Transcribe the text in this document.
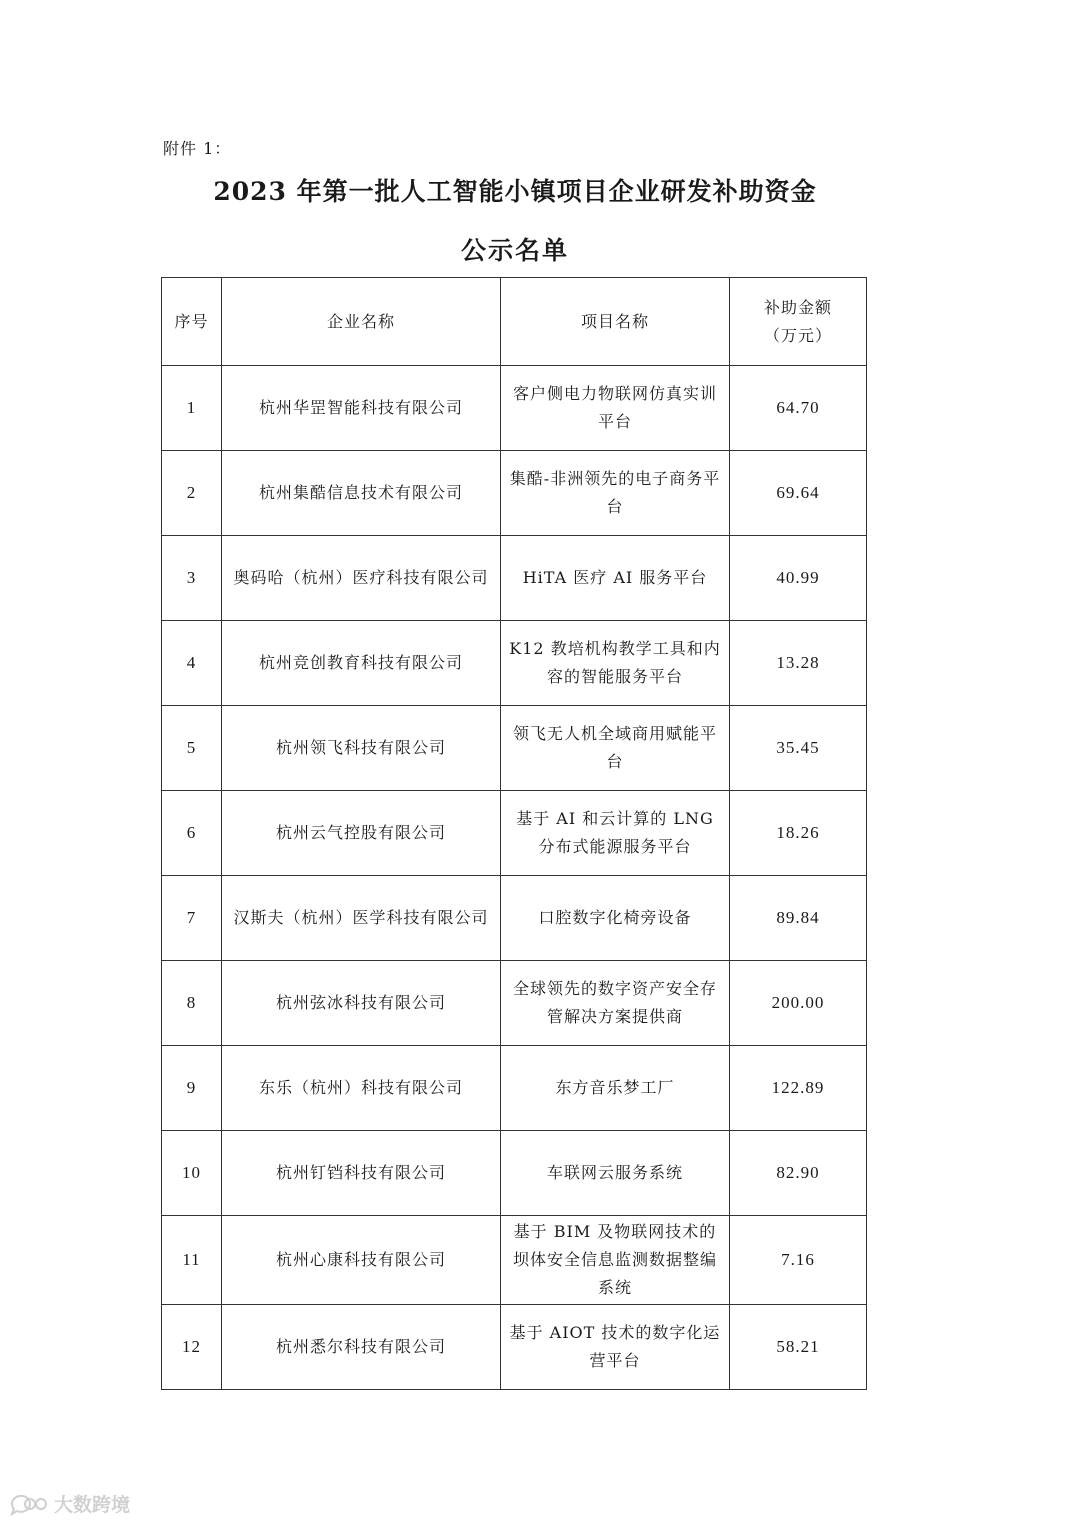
附件 1：
2023 年第一批人工智能小镇项目企业研发补助资金
公示名单
序号	企业名称	项目名称	补助金额
（万元）

1	杭州华罡智能科技有限公司	客户侧电力物联网仿真实训平台	64.70
2	杭州集酷信息技术有限公司	集酷-非洲领先的电子商务平台	69.64
3	奥码哈（杭州）医疗科技有限公司	HiTA 医疗 AI 服务平台	40.99
4	杭州竞创教育科技有限公司	K12 教培机构教学工具和内容的智能服务平台	13.28
5	杭州领飞科技有限公司	领飞无人机全域商用赋能平台	35.45
6	杭州云气控股有限公司	基于 AI 和云计算的 LNG 分布式能源服务平台	18.26
7	汉斯夫（杭州）医学科技有限公司	口腔数字化椅旁设备	89.84
8	杭州弦冰科技有限公司	全球领先的数字资产安全存管解决方案提供商	200.00
9	东乐（杭州）科技有限公司	东方音乐梦工厂	122.89
10	杭州钉铛科技有限公司	车联网云服务系统	82.90
11	杭州心康科技有限公司	基于 BIM 及物联网技术的坝体安全信息监测数据整编系统	7.16
12	杭州悉尔科技有限公司	基于 AIOT 技术的数字化运营平台	58.21
大数跨境
